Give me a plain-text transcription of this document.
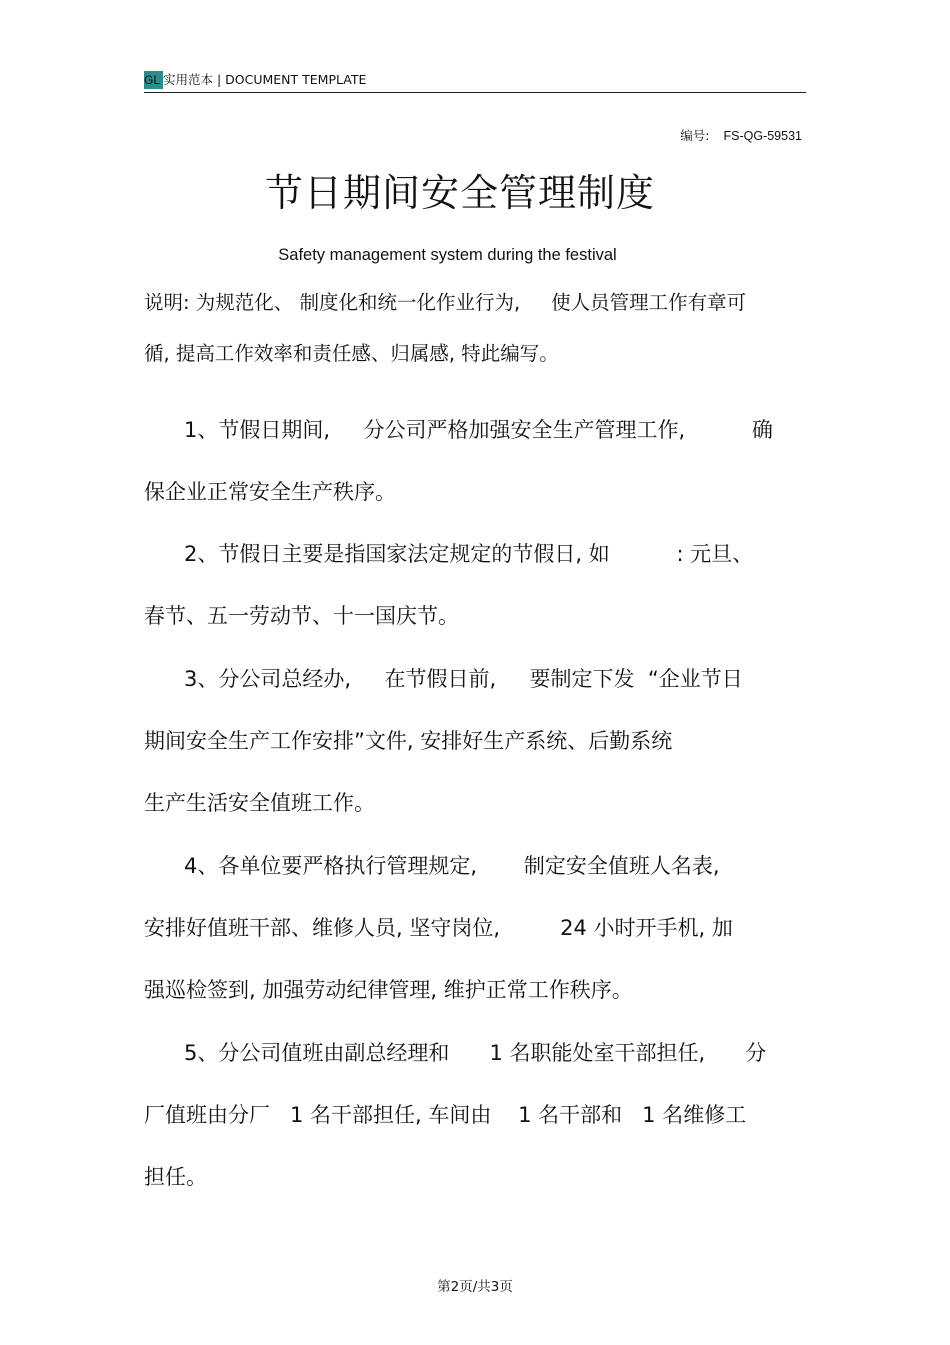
GL 实用范本 | DOCUMENT TEMPLATE
编号: FS-QG-59531
节日期间安全管理制度
Safety management system during the festival
说明: 为规范化、 制度化和统一化作业行为,     使人员管理工作有章可
循, 提高工作效率和责任感、归属感, 特此编写。
1、节假日期间,     分公司严格加强安全生产管理工作,          确
保企业正常安全生产秩序。
2、节假日主要是指国家法定规定的节假日, 如          : 元旦、
春节、五一劳动节、十一国庆节。
3、分公司总经办,     在节假日前,     要制定下发  “企业节日
期间安全生产工作安排”文件, 安排好生产系统、后勤系统
生产生活安全值班工作。
4、各单位要严格执行管理规定,       制定安全值班人名表,
安排好值班干部、维修人员, 坚守岗位,         24 小时开手机, 加
强巡检签到, 加强劳动纪律管理, 维护正常工作秩序。
5、分公司值班由副总经理和      1 名职能处室干部担任,      分
厂值班由分厂   1 名干部担任, 车间由    1 名干部和   1 名维修工
担任。
第2页/共3页
